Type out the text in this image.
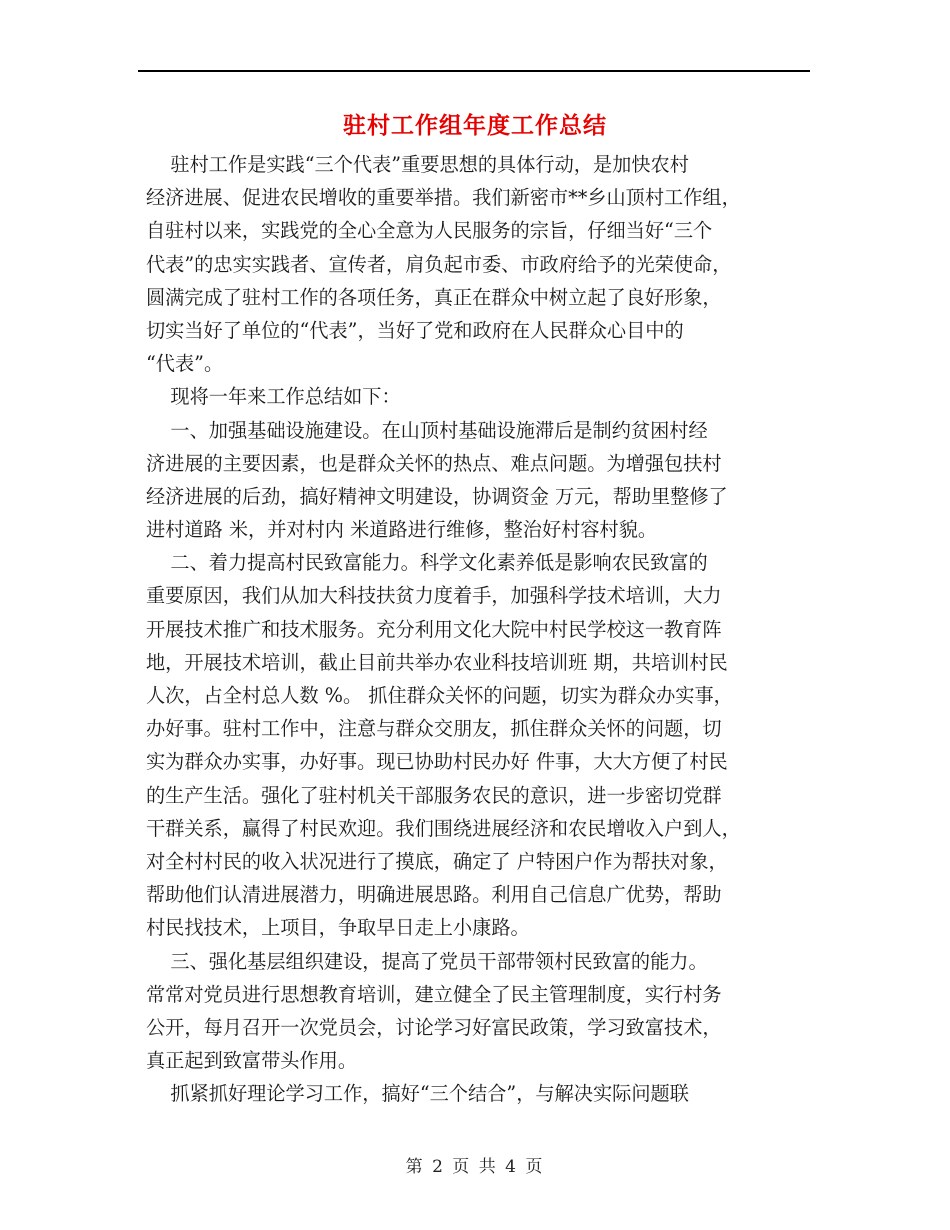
驻村工作组年度工作总结
驻村工作是实践“三个代表”重要思想的具体行动，是加快农村
经济进展、促进农民增收的重要举措。我们新密市**乡山顶村工作组，
自驻村以来，实践党的全心全意为人民服务的宗旨，仔细当好“三个
代表”的忠实实践者、宣传者，肩负起市委、市政府给予的光荣使命，
圆满完成了驻村工作的各项任务，真正在群众中树立起了良好形象，
切实当好了单位的“代表”，当好了党和政府在人民群众心目中的
“代表”。
现将一年来工作总结如下：
一、加强基础设施建设。在山顶村基础设施滞后是制约贫困村经
济进展的主要因素，也是群众关怀的热点、难点问题。为增强包扶村
经济进展的后劲，搞好精神文明建设，协调资金 万元，帮助里整修了
进村道路 米，并对村内 米道路进行维修，整治好村容村貌。
二、着力提高村民致富能力。科学文化素养低是影响农民致富的
重要原因，我们从加大科技扶贫力度着手，加强科学技术培训，大力
开展技术推广和技术服务。充分利用文化大院中村民学校这一教育阵
地，开展技术培训，截止目前共举办农业科技培训班 期，共培训村民
人次，占全村总人数 %。 抓住群众关怀的问题，切实为群众办实事，
办好事。驻村工作中，注意与群众交朋友，抓住群众关怀的问题，切
实为群众办实事，办好事。现已协助村民办好 件事，大大方便了村民
的生产生活。强化了驻村机关干部服务农民的意识，进一步密切党群
干群关系，赢得了村民欢迎。我们围绕进展经济和农民增收入户到人，
对全村村民的收入状况进行了摸底，确定了 户特困户作为帮扶对象，
帮助他们认清进展潜力，明确进展思路。利用自己信息广优势，帮助
村民找技术，上项目，争取早日走上小康路。
三、强化基层组织建设，提高了党员干部带领村民致富的能力。
常常对党员进行思想教育培训，建立健全了民主管理制度，实行村务
公开，每月召开一次党员会，讨论学习好富民政策，学习致富技术，
真正起到致富带头作用。
抓紧抓好理论学习工作，搞好“三个结合”，与解决实际问题联
第 2 页 共 4 页
